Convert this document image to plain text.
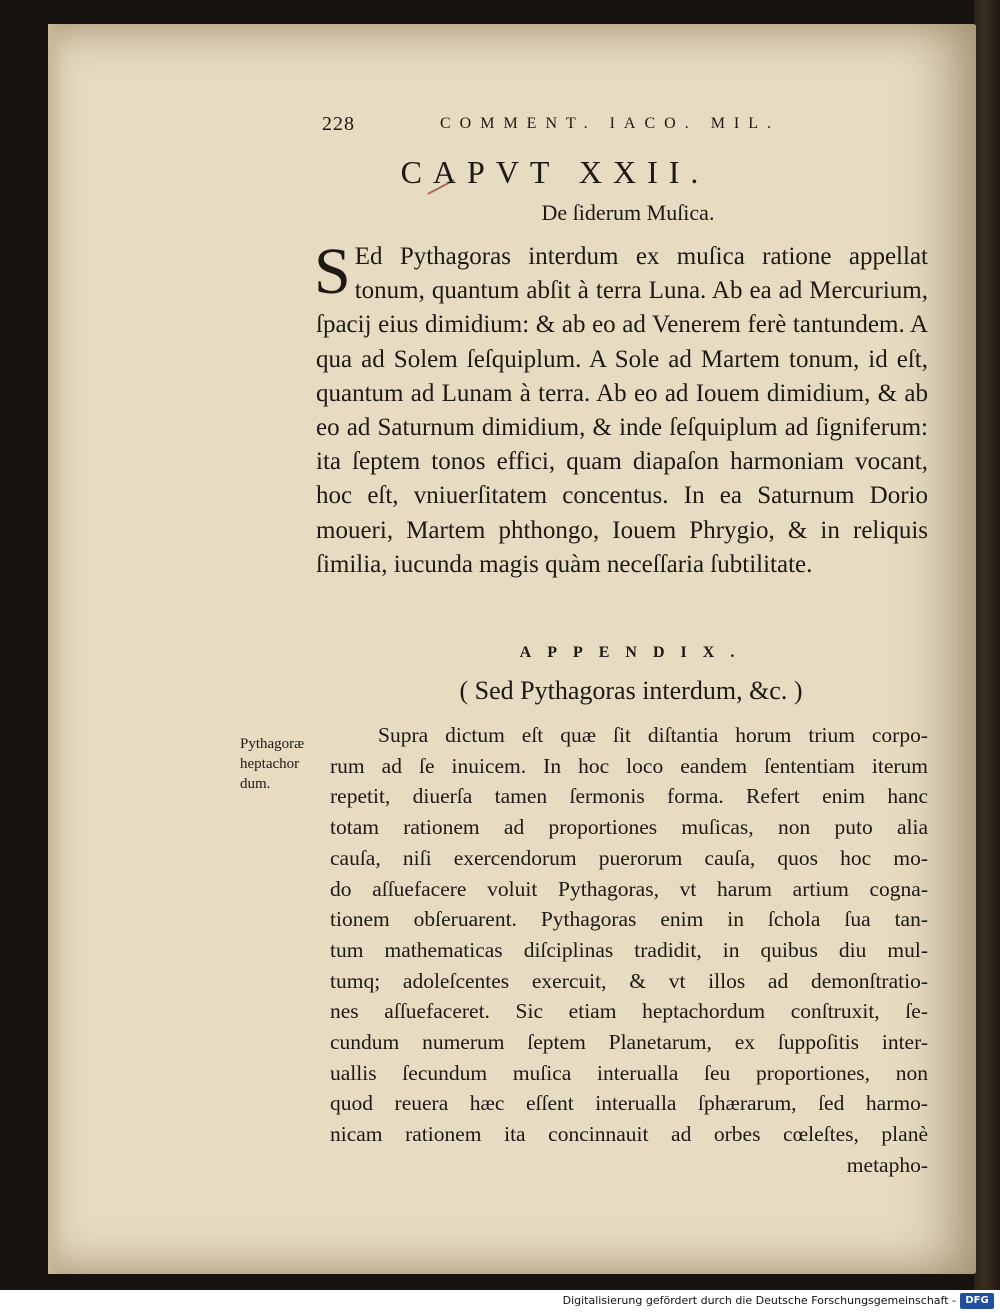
228	COMMENT. IACO. MIL.
CAPVT XXII.
De ſiderum Muſica.

S Ed Pythagoras interdum ex muſica ratione appellat tonum, quantum abſit à terra Luna. Ab ea ad Mercurium, ſpacij eius dimidium: & ab eo ad Venerem ferè tantundem. A qua ad Solem ſeſquiplum. A Sole ad Martem tonum, id eſt, quantum ad Lunam à terra. Ab eo ad Iouem dimidium, & ab eo ad Saturnum dimidium, & inde ſeſquiplum ad ſigniferum: ita ſeptem tonos effici, quam diapaſon harmoniam vocant, hoc eſt, vniuerſitatem concentus. In ea Saturnum Dorio moueri, Martem phthongo, Iouem Phrygio, & in reliquis ſimilia, iucunda magis quàm neceſſaria ſubtilitate.

APPENDIX.
( Sed Pythagoras interdum, &c. )
Pythagoræ
heptachor
dum.
Supra dictum eſt quæ ſit diſtantia horum trium corpo-
rum ad ſe inuicem. In hoc loco eandem ſententiam iterum
repetit, diuerſa tamen ſermonis forma. Refert enim hanc
totam rationem ad proportiones muſicas, non puto alia
cauſa, niſi exercendorum puerorum cauſa, quos hoc mo-
do aſſuefacere voluit Pythagoras, vt harum artium cogna-
tionem obſeruarent. Pythagoras enim in ſchola ſua tan-
tum mathematicas diſciplinas tradidit, in quibus diu mul-
tumq; adoleſcentes exercuit, & vt illos ad demonſtratio-
nes aſſuefaceret. Sic etiam heptachordum conſtruxit, ſe-
cundum numerum ſeptem Planetarum, ex ſuppoſitis inter-
uallis ſecundum muſica interualla ſeu proportiones, non
quod reuera hæc eſſent interualla ſphærarum, ſed harmo-
nicam rationem ita concinnauit ad orbes cœleſtes, planè
metapho-
Digitalisierung gefördert durch die Deutsche Forschungsgemeinschaft - DFG
